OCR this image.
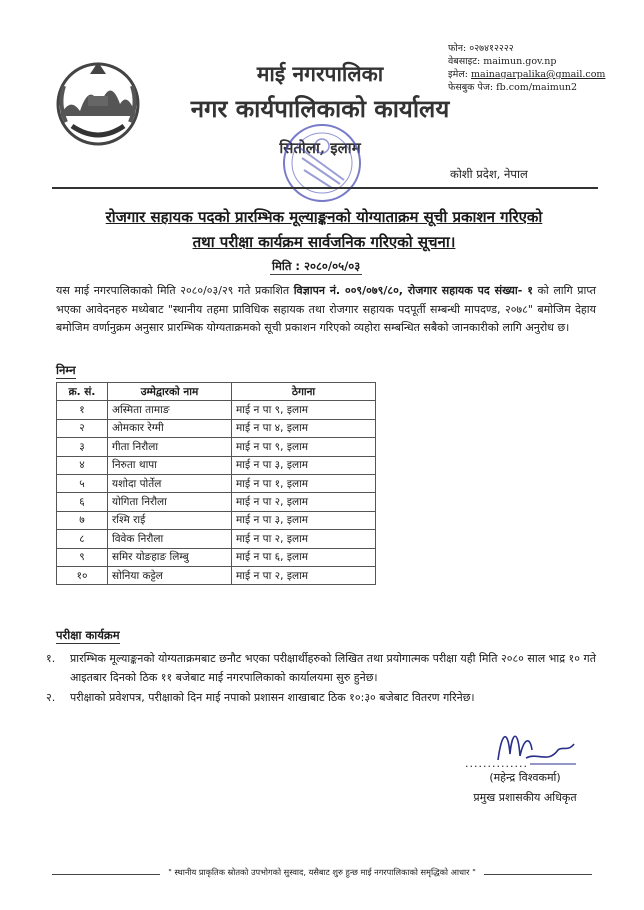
माई नगरपालिका
नगर कार्यपालिकाको कार्यालय
सिताेला, इलाम
फोन: ०२७४१२२२२
वेबसाइट: maimun.gov.np
इमेल: mainagarpalika@gmail.com
फेसबुक पेज: fb.com/maimun2
कोशी प्रदेश, नेपाल
रोजगार सहायक पदको प्रारम्भिक मूल्याङ्कनको योग्याताक्रम सूची प्रकाशन गरिएको
तथा परीक्षा कार्यक्रम सार्वजनिक गरिएको सूचना।
मिति : २०८०/०५/०३
यस माई नगरपालिकाको मिति २०८०/०३/२९ गते प्रकाशित विज्ञापन नं. ००९/०७९/८०, रोजगार सहायक पद संख्या- १ को लागि प्राप्त भएका आवेदनहरु मध्येबाट "स्थानीय तहमा प्राविधिक सहायक तथा रोजगार सहायक पदपूर्ती सम्बन्धी मापदण्ड, २०७८" बमोजिम देहाय बमोजिम वर्णानुक्रम अनुसार प्रारम्भिक योग्यताक्रमको सूची प्रकाशन गरिएको व्यहोरा सम्बन्धित सबैको जानकारीको लागि अनुरोध छ।
निम्न
क्र. सं.	उम्मेद्वारको नाम	ठेगाना
१	अस्मिता तामाङ	माई न पा ९, इलाम
२	ओमकार रेग्मी	माई न पा ४, इलाम
३	गीता निरौला	माई न पा ९, इलाम
४	निरुता थापा	माई न पा ३, इलाम
५	यशोदा पोर्तेल	माई न पा १, इलाम
६	योगिता निरौला	माई न पा २, इलाम
७	रश्मि राई	माई न पा ३, इलाम
८	विवेक निरौला	माई न पा २, इलाम
९	समिर योङहाङ लिम्बु	माई न पा ६, इलाम
१०	सोनिया कट्टेल	माई न पा २, इलाम
परीक्षा कार्यक्रम
१. प्रारम्भिक मूल्याङ्कनको योग्यताक्रमबाट छनौट भएका परीक्षार्थीहरुको लिखित तथा प्रयोगात्मक परीक्षा यही मिति २०८० साल भाद्र १० गते आइतबार दिनको ठिक ११ बजेबाट माई नगरपालिकाको कार्यालयमा सुरु हुनेछ।
२. परीक्षाको प्रवेशपत्र, परीक्षाको दिन माई नपाको प्रशासन शाखाबाट ठिक १०:३० बजेबाट वितरण गरिनेछ।
..............
(महेन्द्र विश्वकर्मा)
प्रमुख प्रशासकीय अधिकृत
" स्थानीय प्राकृतिक स्रोतको उपभोगको सुस्वाद, यसैबाट शुरु हुन्छ माई नगरपालिकाको समृद्धिको आधार "
